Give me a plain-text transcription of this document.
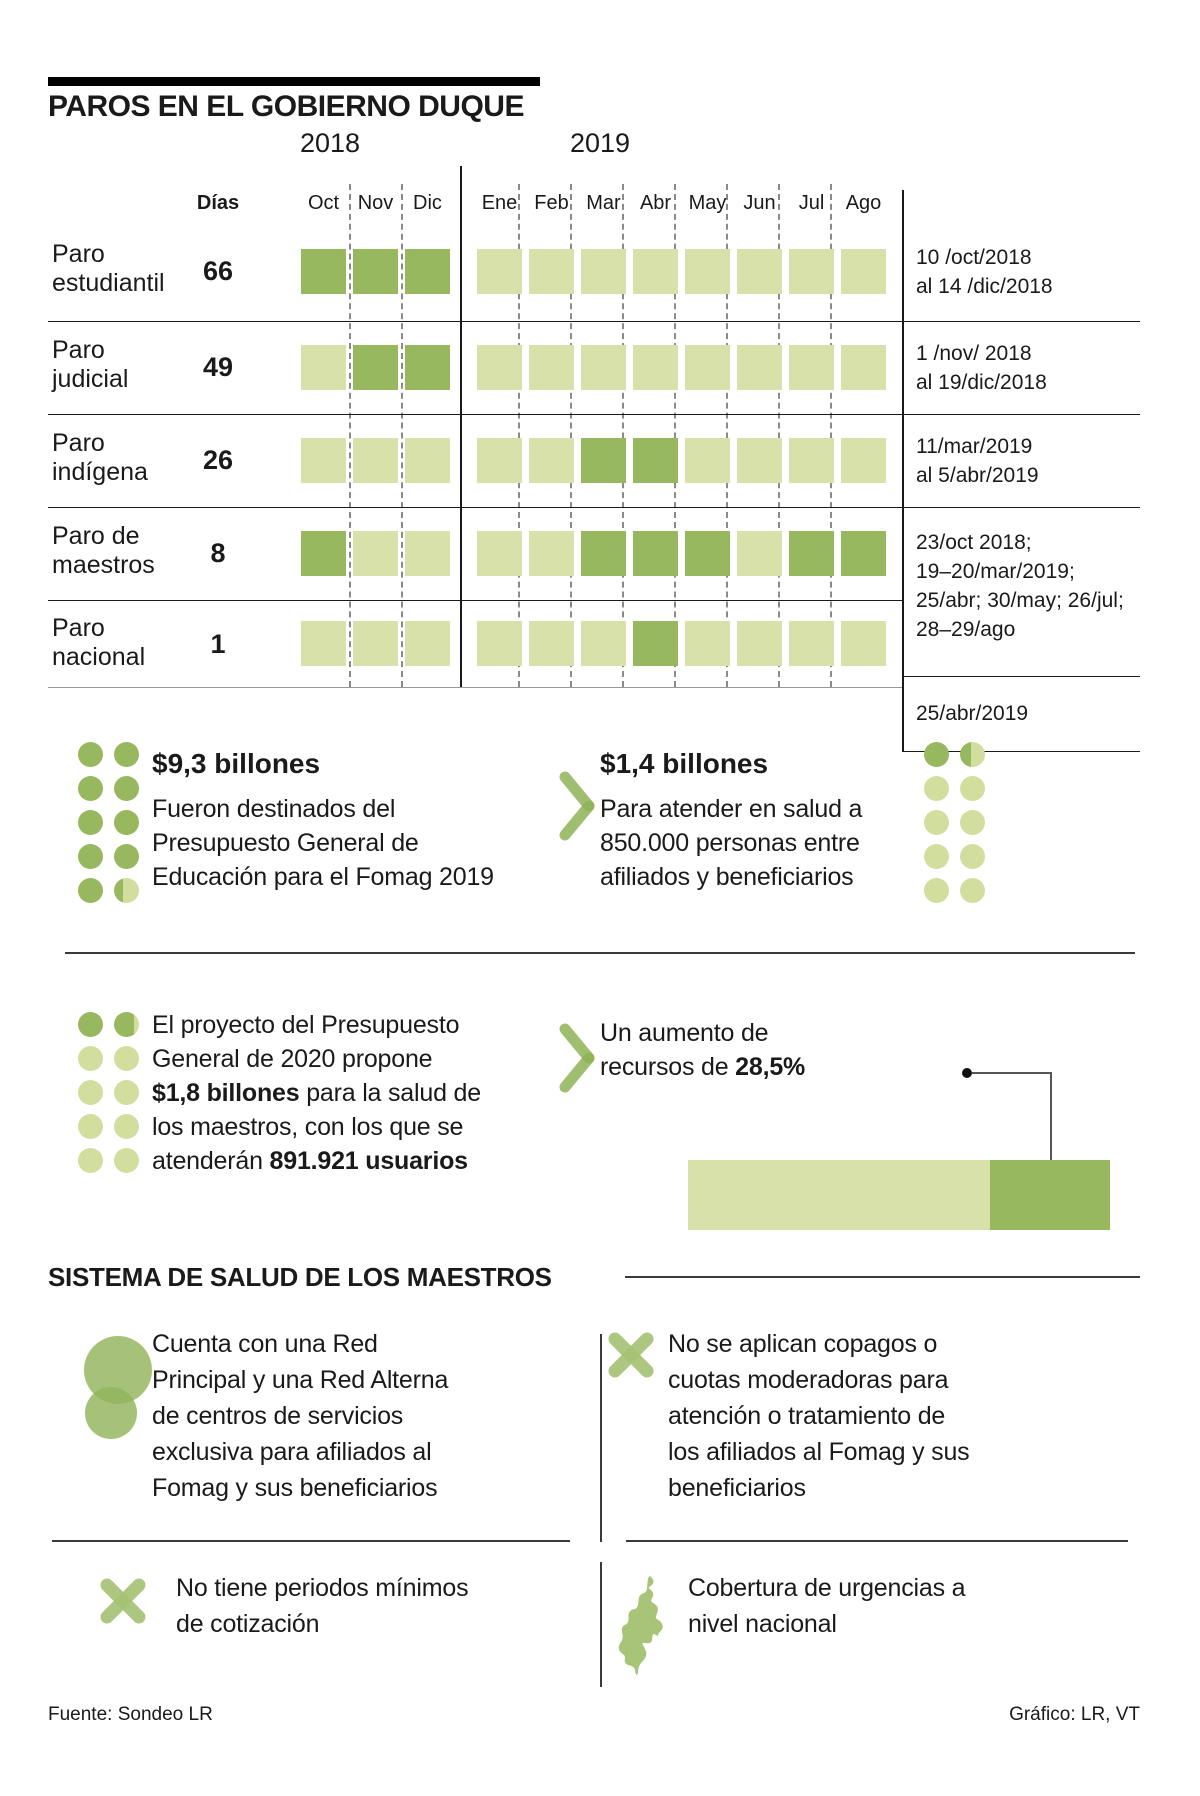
PAROS EN EL GOBIERNO DUQUE
2018	2019
Días	Oct Nov Dic	Ene Feb Mar Abr May Jun	Jul	Ago
Paro
estudiantil	66	10 /oct/2018
al 14 /dic/2018
Paro
judicial	49	1 /nov/ 2018
al 19/dic/2018
Paro
indígena	26	11/mar/2019
al 5/abr/2019
Paro de
maestros	8	23/oct 2018;
19–20/mar/2019;
25/abr; 30/may; 26/jul;
28–29/ago
Paro
nacional	1
25/abr/2019
$9,3 billones
Fueron destinados del
Presupuesto General de
Educación para el Fomag 2019
$1,4 billones
Para atender en salud a
850.000 personas entre
afiliados y beneficiarios
El proyecto del Presupuesto
General de 2020 propone
$1,8 billones para la salud de
los maestros, con los que se
atenderán 891.921 usuarios
Un aumento de
recursos de 28,5%
SISTEMA DE SALUD DE LOS MAESTROS
Cuenta con una Red
Principal y una Red Alterna
de centros de servicios
exclusiva para afiliados al
Fomag y sus beneficiarios
No se aplican copagos o
cuotas moderadoras para
atención o tratamiento de
los afiliados al Fomag y sus
beneficiarios
No tiene periodos mínimos
de cotización
Cobertura de urgencias a
nivel nacional
Fuente: Sondeo LR	Gráfico: LR, VT
